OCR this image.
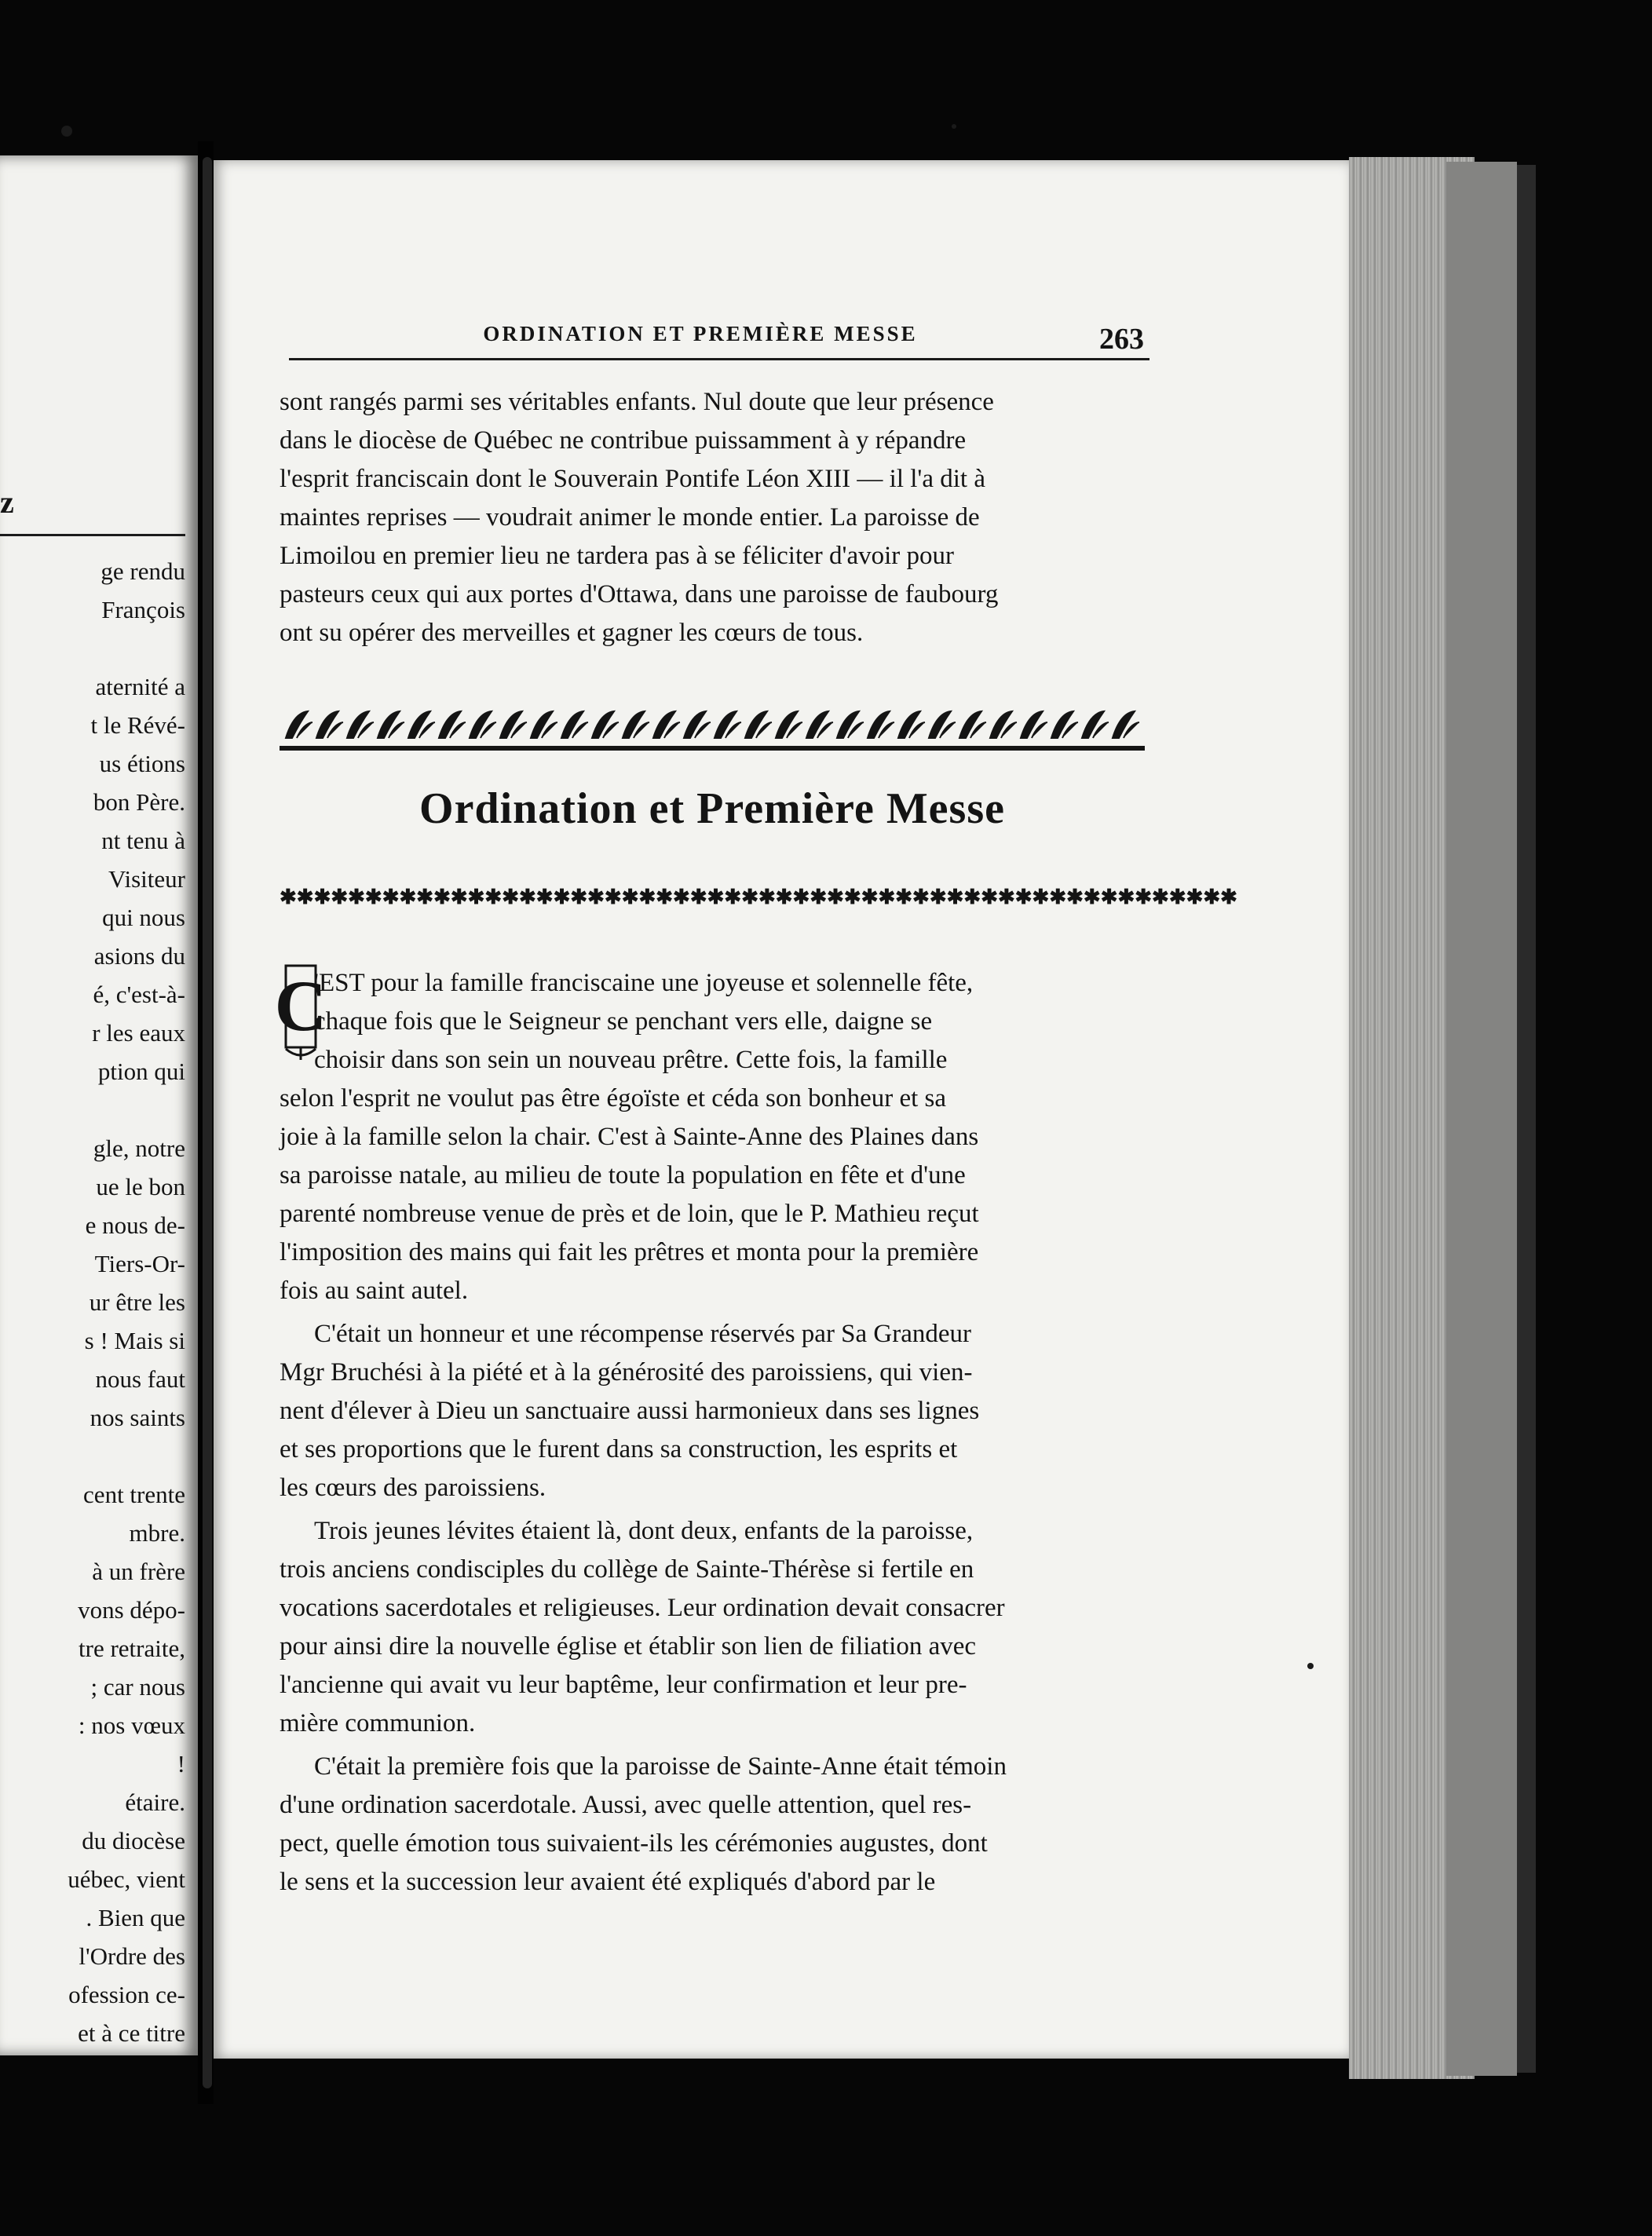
z
ge rendu
François
aternité a
t le Révé-
us étions
bon Père.
nt tenu à
Visiteur
qui nous
asions du
é, c'est-à-
r les eaux
ption qui
gle, notre
ue le bon
e nous de-
Tiers-Or-
ur être les
s ! Mais si
nous faut
nos saints
cent trente
mbre.
à un frère
vons dépo-
tre retraite,
; car nous
: nos vœux
!
étaire.
du diocèse
uébec, vient
. Bien que
l'Ordre des
ofession ce-
et à ce titre
ORDINATION ET PREMIÈRE MESSE	263
sont rangés parmi ses véritables enfants. Nul doute que leur présence
dans le diocèse de Québec ne contribue puissamment à y répandre
l'esprit franciscain dont le Souverain Pontife Léon XIII — il l'a dit à
maintes reprises — voudrait animer le monde entier. La paroisse de
Limoilou en premier lieu ne tardera pas à se féliciter d'avoir pour
pasteurs ceux qui aux portes d'Ottawa, dans une paroisse de faubourg
ont su opérer des merveilles et gagner les cœurs de tous.
Ordination et Première Messe
✱✱✱✱✱✱✱✱✱✱✱✱✱✱✱✱✱✱✱✱✱✱✱✱✱✱✱✱✱✱✱✱✱✱✱✱✱✱✱✱✱✱✱✱✱✱✱✱✱✱✱✱✱✱✱✱
C
'EST pour la famille franciscaine une joyeuse et solennelle fête,
chaque fois que le Seigneur se penchant vers elle, daigne se
choisir dans son sein un nouveau prêtre. Cette fois, la famille
selon l'esprit ne voulut pas être égoïste et céda son bonheur et sa
joie à la famille selon la chair. C'est à Sainte-Anne des Plaines dans
sa paroisse natale, au milieu de toute la population en fête et d'une
parenté nombreuse venue de près et de loin, que le P. Mathieu reçut
l'imposition des mains qui fait les prêtres et monta pour la première
fois au saint autel.
C'était un honneur et une récompense réservés par Sa Grandeur
Mgr Bruchési à la piété et à la générosité des paroissiens, qui vien-
nent d'élever à Dieu un sanctuaire aussi harmonieux dans ses lignes
et ses proportions que le furent dans sa construction, les esprits et
les cœurs des paroissiens.
Trois jeunes lévites étaient là, dont deux, enfants de la paroisse,
trois anciens condisciples du collège de Sainte-Thérèse si fertile en
vocations sacerdotales et religieuses. Leur ordination devait consacrer
pour ainsi dire la nouvelle église et établir son lien de filiation avec
l'ancienne qui avait vu leur baptême, leur confirmation et leur pre-
mière communion.
C'était la première fois que la paroisse de Sainte-Anne était témoin
d'une ordination sacerdotale. Aussi, avec quelle attention, quel res-
pect, quelle émotion tous suivaient-ils les cérémonies augustes, dont
le sens et la succession leur avaient été expliqués d'abord par le
